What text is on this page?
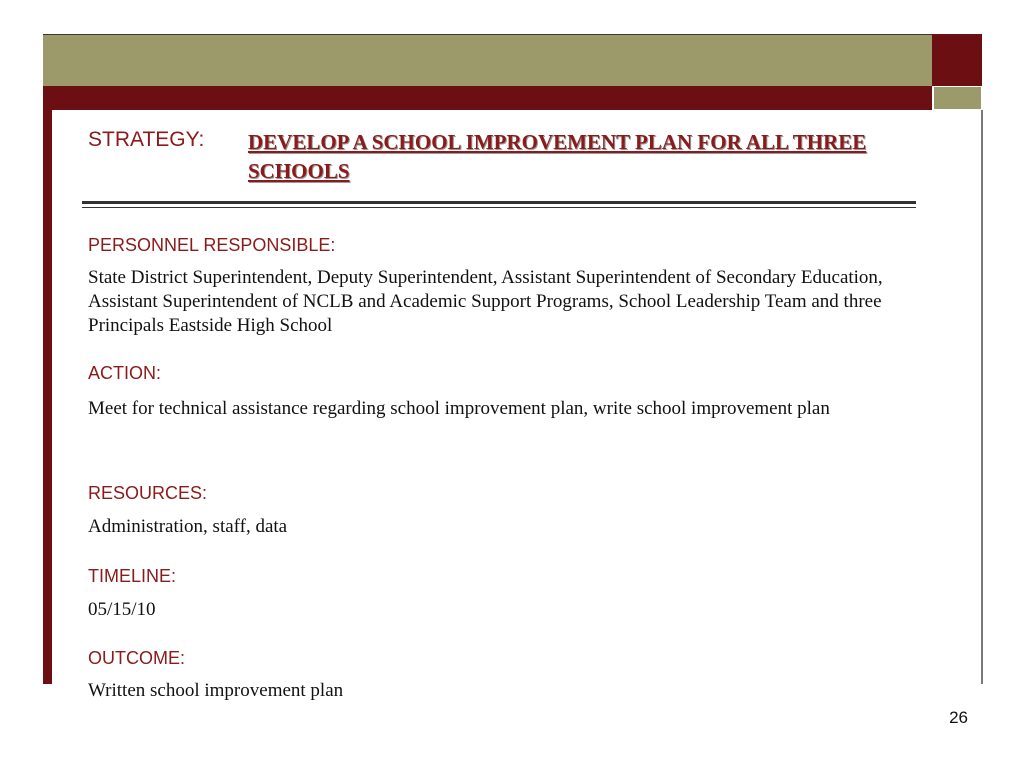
STRATEGY: DEVELOP A SCHOOL IMPROVEMENT PLAN FOR ALL THREE SCHOOLS

PERSONNEL RESPONSIBLE:

State District Superintendent, Deputy Superintendent, Assistant Superintendent of Secondary Education, Assistant Superintendent of NCLB and Academic Support Programs, School Leadership Team and three Principals Eastside High School

ACTION:

Meet for technical assistance regarding school improvement plan, write school improvement plan

RESOURCES:

Administration, staff, data

TIMELINE:

05/15/10

OUTCOME:

Written school improvement plan

26
